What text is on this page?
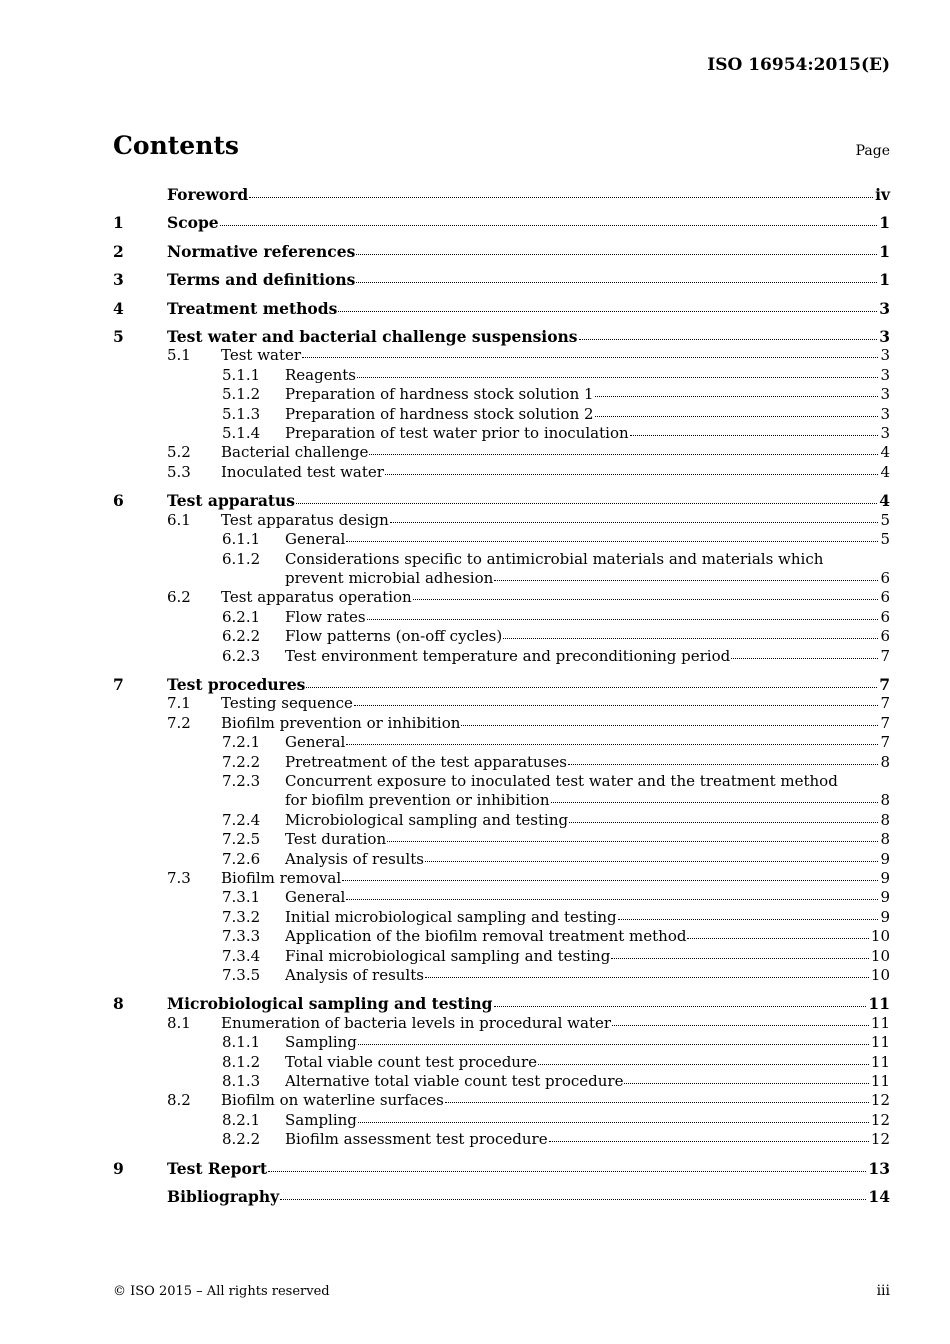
ISO 16954:2015(E)
Contents	Page
Foreword	iv
1	Scope	1
2	Normative references	1
3	Terms and definitions	1
4	Treatment methods	3
5	Test water and bacterial challenge suspensions	3
5.1	Test water	3
5.1.1	Reagents	3
5.1.2	Preparation of hardness stock solution 1	3
5.1.3	Preparation of hardness stock solution 2	3
5.1.4	Preparation of test water prior to inoculation	3
5.2	Bacterial challenge	4
5.3	Inoculated test water	4
6	Test apparatus	4
6.1	Test apparatus design	5
6.1.1	General	5
6.1.2	Considerations specific to antimicrobial materials and materials which
prevent microbial adhesion	6
6.2	Test apparatus operation	6
6.2.1	Flow rates	6
6.2.2	Flow patterns (on-off cycles)	6
6.2.3	Test environment temperature and preconditioning period	7
7	Test procedures	7
7.1	Testing sequence	7
7.2	Biofilm prevention or inhibition	7
7.2.1	General	7
7.2.2	Pretreatment of the test apparatuses	8
7.2.3	Concurrent exposure to inoculated test water and the treatment method
for biofilm prevention or inhibition	8
7.2.4	Microbiological sampling and testing	8
7.2.5	Test duration	8
7.2.6	Analysis of results	9
7.3	Biofilm removal	9
7.3.1	General	9
7.3.2	Initial microbiological sampling and testing	9
7.3.3	Application of the biofilm removal treatment method	10
7.3.4	Final microbiological sampling and testing	10
7.3.5	Analysis of results	10
8	Microbiological sampling and testing	11
8.1	Enumeration of bacteria levels in procedural water	11
8.1.1	Sampling	11
8.1.2	Total viable count test procedure	11
8.1.3	Alternative total viable count test procedure	11
8.2	Biofilm on waterline surfaces	12
8.2.1	Sampling	12
8.2.2	Biofilm assessment test procedure	12
9	Test Report	13
Bibliography	14
© ISO 2015 – All rights reserved	iii
